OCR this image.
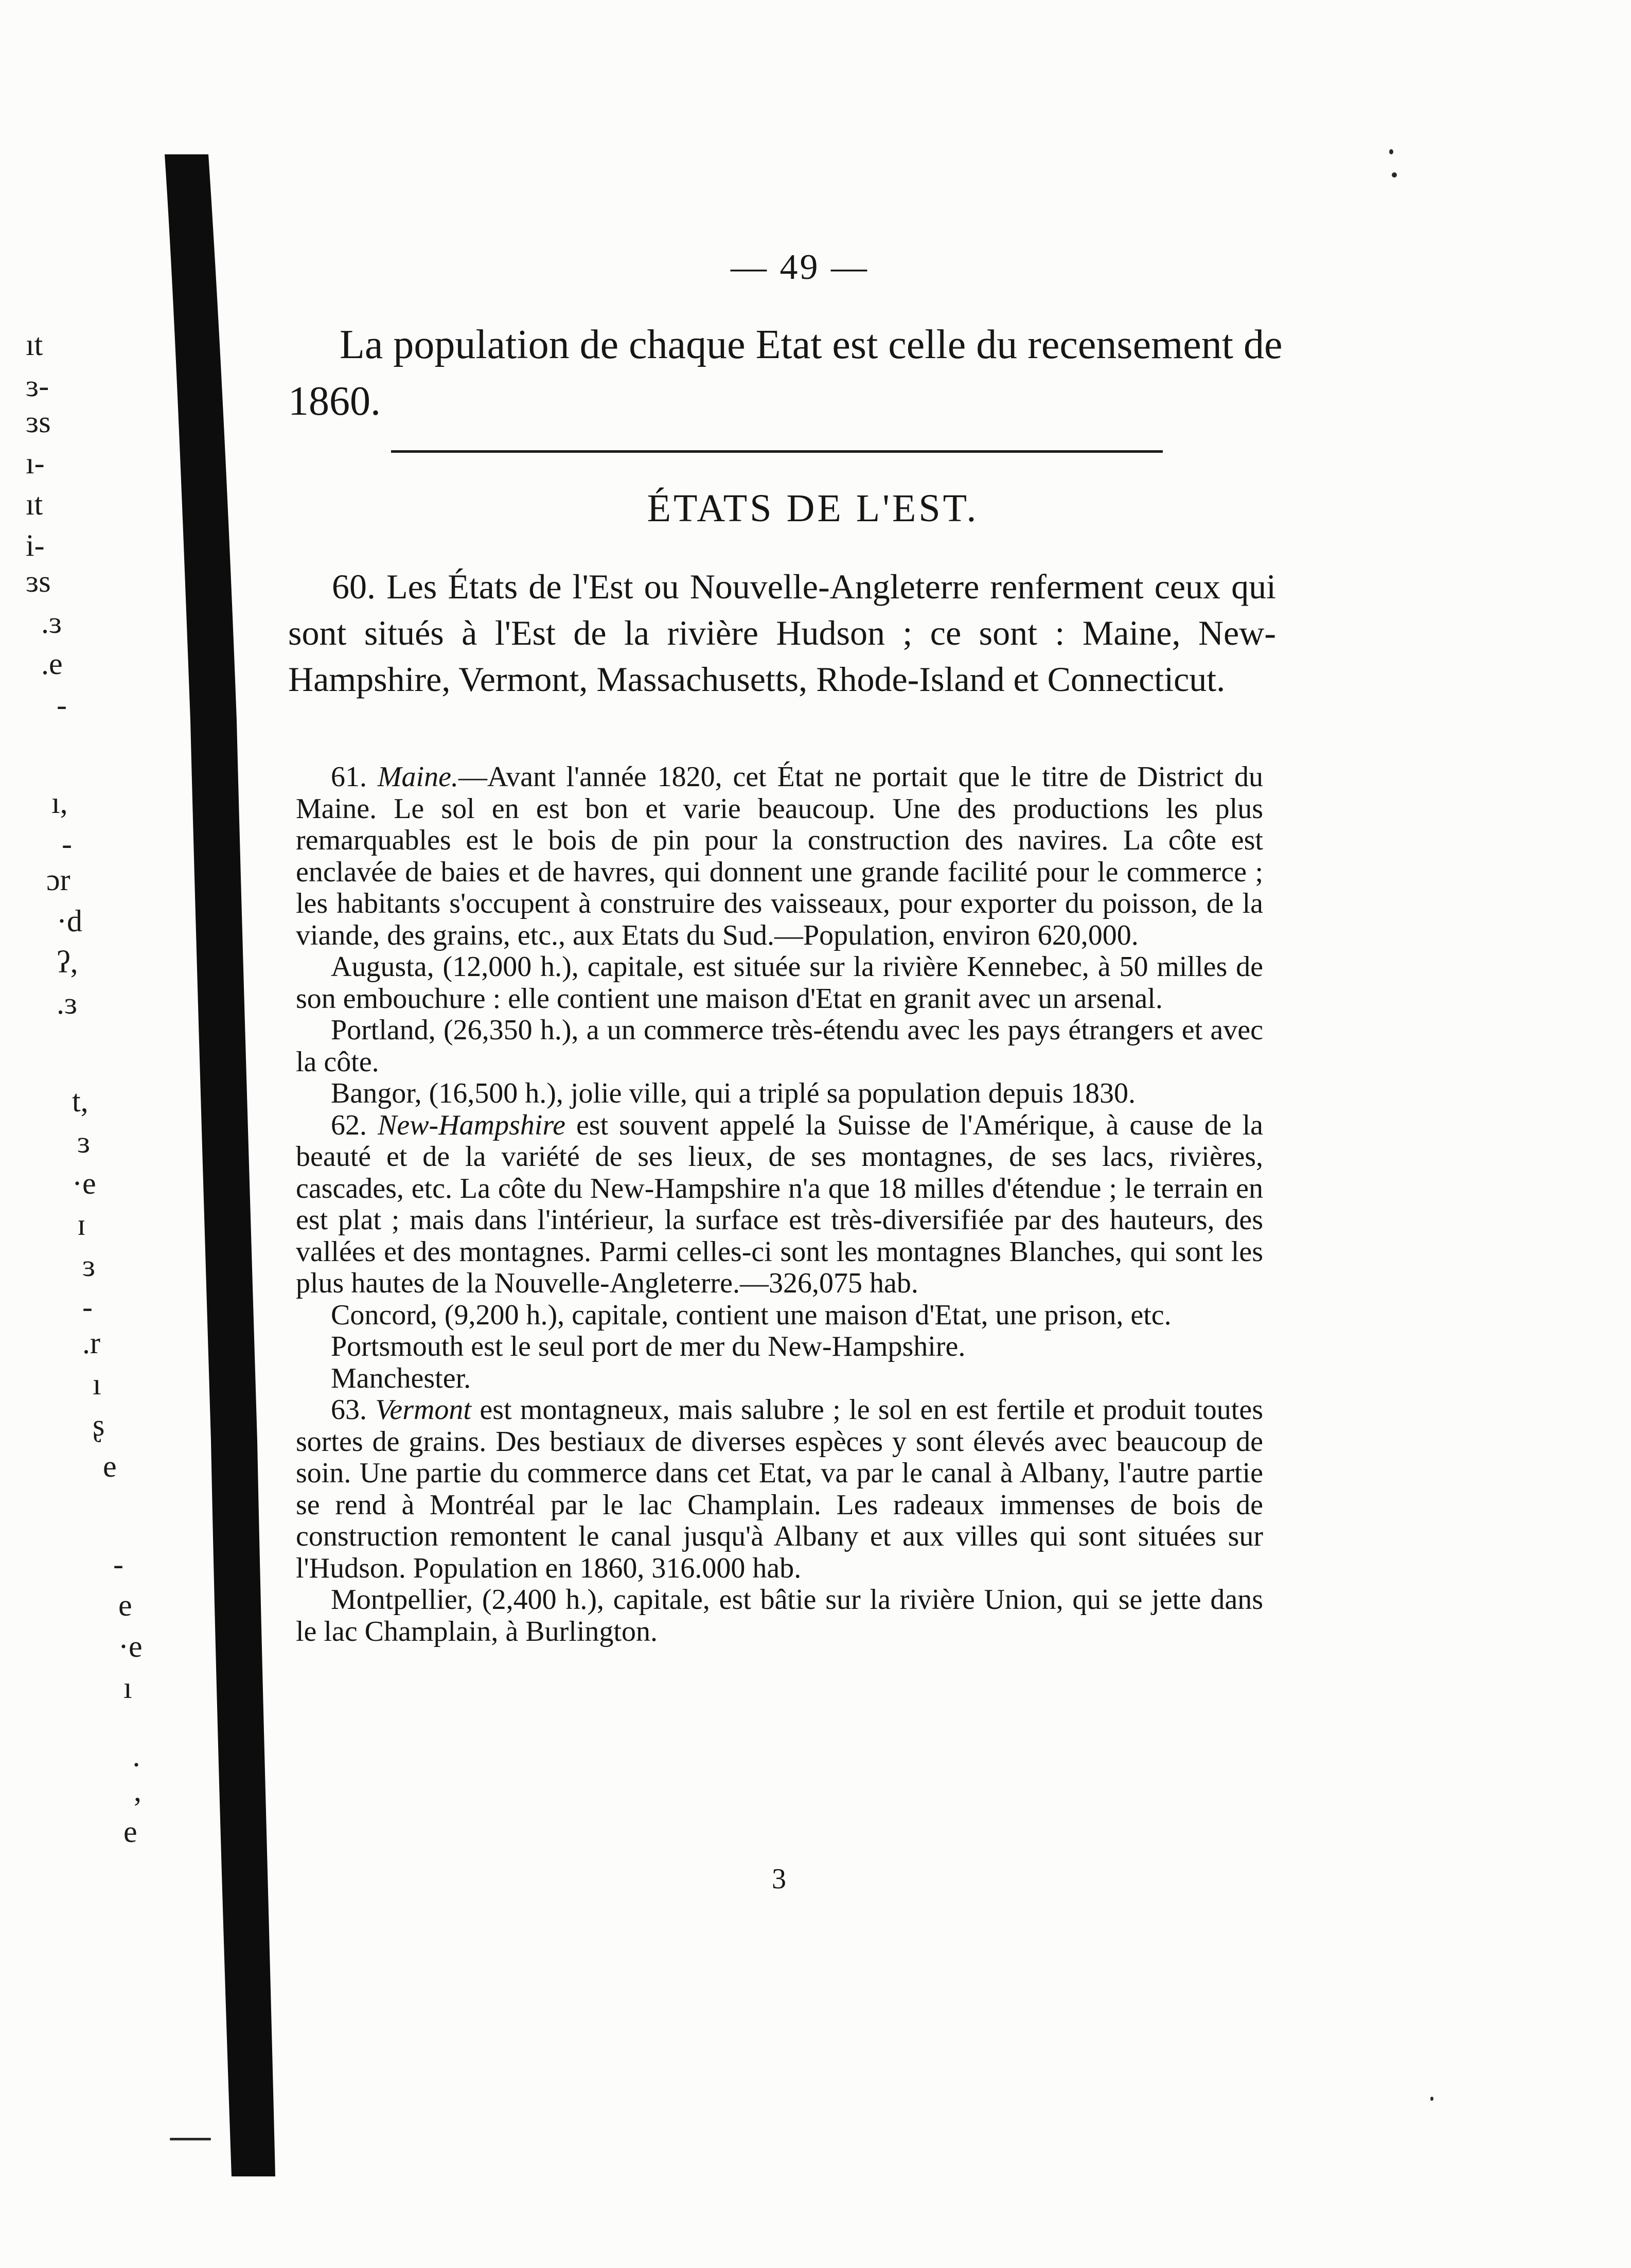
ıt
ɜ-
ɜs
ı-
ıt
i-
ɜs
.ɜ
.e
-
ı,
-
ɔr
·d
ʔ,
.ɜ
t,
ɜ
·e
ɪ
ɜ
-
.r
ı
ʂ
e
-
e
·e
ı
·
,
e
— 49 —
La population de chaque Etat est celle du recensement de 1860.
ÉTATS DE L'EST.
60. Les États de l'Est ou Nouvelle-Angleterre renferment ceux qui sont situés à l'Est de la rivière Hudson ; ce sont : Maine, New-Hampshire, Vermont, Massachusetts, Rhode-Island et Connecticut.

61. Maine.—Avant l'année 1820, cet État ne portait que le titre de District du Maine. Le sol en est bon et varie beaucoup. Une des productions les plus remarquables est le bois de pin pour la construction des navires. La côte est enclavée de baies et de havres, qui donnent une grande facilité pour le commerce ; les habitants s'occupent à construire des vaisseaux, pour exporter du poisson, de la viande, des grains, etc., aux Etats du Sud.—Population, environ 620,000.

Augusta, (12,000 h.), capitale, est située sur la rivière Kennebec, à 50 milles de son embouchure : elle contient une maison d'Etat en granit avec un arsenal.

Portland, (26,350 h.), a un commerce très-étendu avec les pays étrangers et avec la côte.

Bangor, (16,500 h.), jolie ville, qui a triplé sa population depuis 1830.

62. New-Hampshire est souvent appelé la Suisse de l'Amérique, à cause de la beauté et de la variété de ses lieux, de ses montagnes, de ses lacs, rivières, cascades, etc. La côte du New-Hampshire n'a que 18 milles d'étendue ; le terrain en est plat ; mais dans l'intérieur, la surface est très-diversifiée par des hauteurs, des vallées et des montagnes. Parmi celles-ci sont les montagnes Blanches, qui sont les plus hautes de la Nouvelle-Angleterre.—326,075 hab.

Concord, (9,200 h.), capitale, contient une maison d'Etat, une prison, etc.

Portsmouth est le seul port de mer du New-Hampshire.

Manchester.

63. Vermont est montagneux, mais salubre ; le sol en est fertile et produit toutes sortes de grains. Des bestiaux de diverses espèces y sont élevés avec beaucoup de soin. Une partie du commerce dans cet Etat, va par le canal à Albany, l'autre partie se rend à Montréal par le lac Champlain. Les radeaux immenses de bois de construction remontent le canal jusqu'à Albany et aux villes qui sont situées sur l'Hudson. Population en 1860, 316.000 hab.

Montpellier, (2,400 h.), capitale, est bâtie sur la rivière Union, qui se jette dans le lac Champlain, à Burlington.

3
